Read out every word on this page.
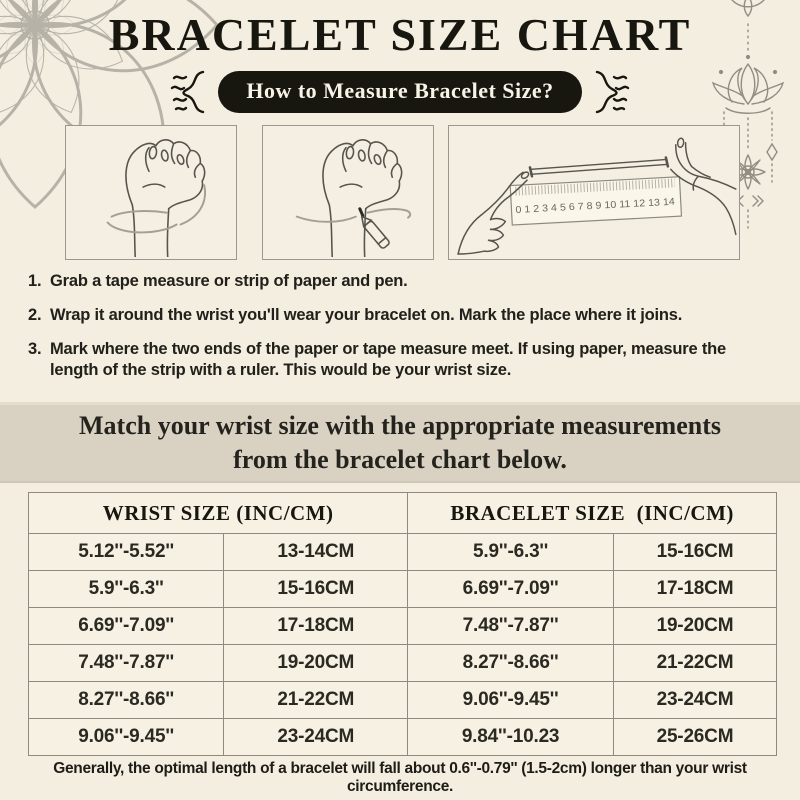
BRACELET SIZE CHART
How to Measure Bracelet Size?
0 1 2 3 4 5 6 7 8 9 10 11 12 13 14
1. Grab a tape measure or strip of paper and pen.
2. Wrap it around the wrist you'll wear your bracelet on. Mark the place where it joins.
3. Mark where the two ends of the paper or tape measure meet. If using paper, measure the length of the strip with a ruler. This would be your wrist size.
Match your wrist size with the appropriate measurements
from the bracelet chart below.
WRIST SIZE (INC/CM)		BRACELET SIZE  (INC/CM)	
5.12''-5.52''	13-14CM	5.9''-6.3''	15-16CM
5.9''-6.3''	15-16CM	6.69''-7.09''	17-18CM
6.69''-7.09''	17-18CM	7.48''-7.87''	19-20CM
7.48''-7.87''	19-20CM	8.27''-8.66''	21-22CM
8.27''-8.66''	21-22CM	9.06''-9.45''	23-24CM
9.06''-9.45''	23-24CM	9.84''-10.23	25-26CM
Generally, the optimal length of a bracelet will fall about 0.6''-0.79'' (1.5-2cm) longer than your wrist circumference.
